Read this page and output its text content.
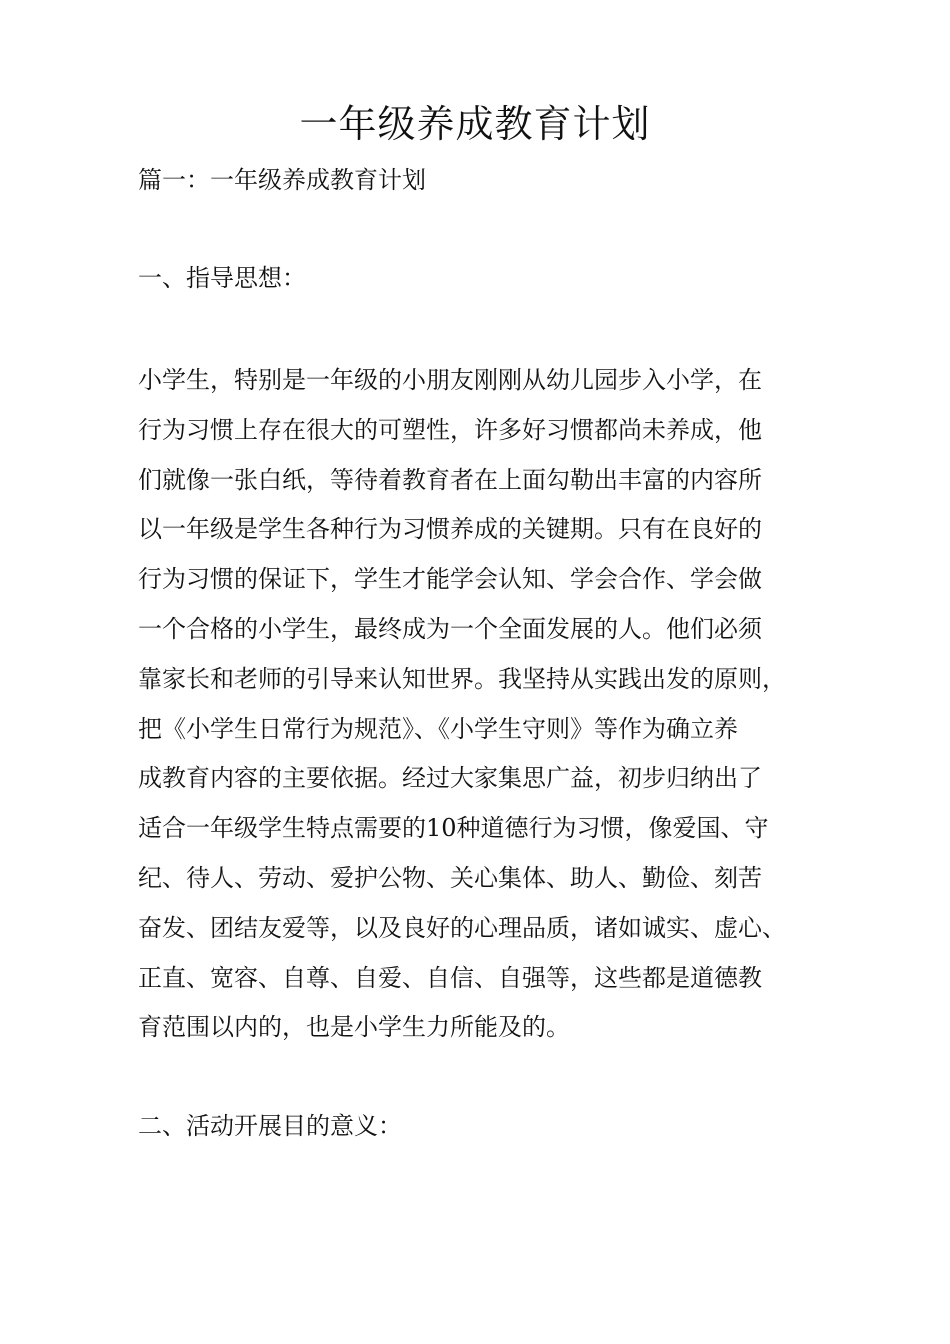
一年级养成教育计划
篇一：一年级养成教育计划
一、指导思想：
小学生，特别是一年级的小朋友刚刚从幼儿园步入小学，在
行为习惯上存在很大的可塑性，许多好习惯都尚未养成，他
们就像一张白纸，等待着教育者在上面勾勒出丰富的内容所
以一年级是学生各种行为习惯养成的关键期。只有在良好的
行为习惯的保证下，学生才能学会认知、学会合作、学会做
一个合格的小学生，最终成为一个全面发展的人。他们必须
靠家长和老师的引导来认知世界。我坚持从实践出发的原则，
把《小学生日常行为规范》、《小学生守则》等作为确立养
成教育内容的主要依据。经过大家集思广益，初步归纳出了
适合一年级学生特点需要的10种道德行为习惯，像爱国、守
纪、待人、劳动、爱护公物、关心集体、助人、勤俭、刻苦
奋发、团结友爱等，以及良好的心理品质，诸如诚实、虚心、
正直、宽容、自尊、自爱、自信、自强等，这些都是道德教
育范围以内的，也是小学生力所能及的。
二、活动开展目的意义：
